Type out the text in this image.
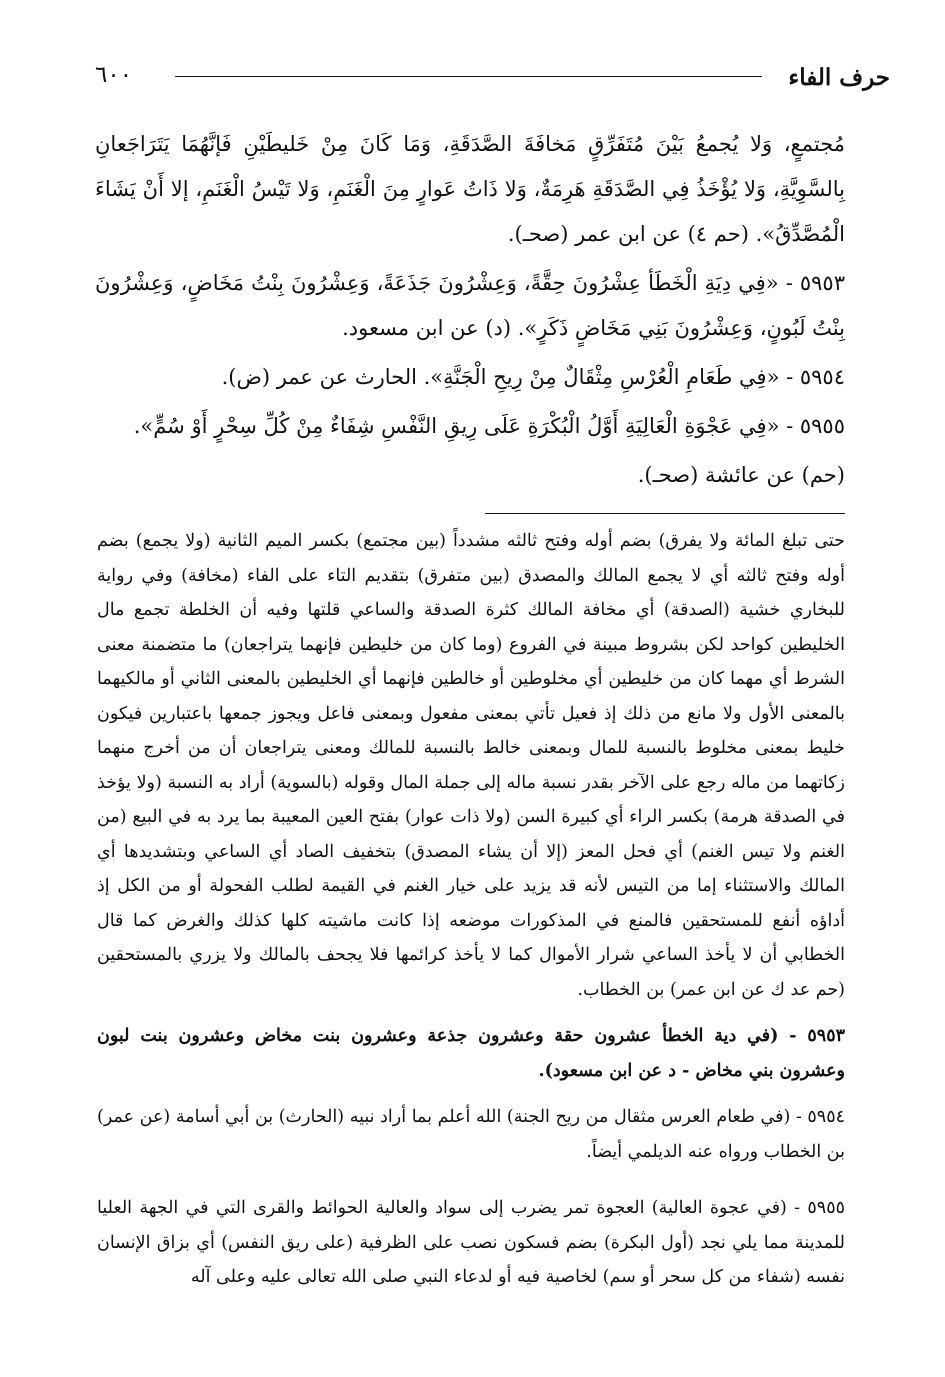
حرف الفاء
٦٠٠

مُجتمعٍ، وَلا يُجمعُ بَيْنَ مُتَفَرِّقٍ مَخافَةَ الصَّدَقَةِ، وَمَا كَانَ مِنْ خَليطَيْنِ فَإنَّهُمَا يَتَرَاجَعانِ بِالسَّوِيَّةِ، وَلا يُؤْخَذُ فِي الصَّدَقَةِ هَرِمَةٌ، وَلا ذَاتُ عَوارٍ مِنَ الْغَنَمِ، وَلا تَيْسُ الْغَنَمِ، إلا أَنْ يَشَاءَ الْمُصَّدِّقُ». (حم ٤) عن ابن عمر (صحـ).

٥٩٥٣ - «فِي دِيَةِ الْخَطَأ عِشْرُونَ حِقَّةً، وَعِشْرُونَ جَذَعَةً، وَعِشْرُونَ بِنْتُ مَخَاضٍ، وَعِشْرُونَ بِنْتُ لَبُونٍ، وَعِشْرُونَ بَنِي مَخَاضٍ ذَكَرٍ». (د) عن ابن مسعود.

٥٩٥٤ - «فِي طَعَامِ الْعُرْسِ مِثْقَالٌ مِنْ رِيحِ الْجَنَّةِ». الحارث عن عمر (ض).

٥٩٥٥ - «فِي عَجْوَةِ الْعَالِيَةِ أَوَّلُ الْبُكْرَةِ عَلَى رِيقِ النَّفْسِ شِفَاءٌ مِنْ كُلِّ سِحْرٍ أَوْ سُمٍّ».

(حم) عن عائشة (صحـ).

حتى تبلغ المائة ولا يفرق) بضم أوله وفتح ثالثه مشدداً (بين مجتمع) بكسر الميم الثانية (ولا يجمع) بضم أوله وفتح ثالثه أي لا يجمع المالك والمصدق (بين متفرق) بتقديم التاء على الفاء (مخافة) وفي رواية للبخاري خشية (الصدقة) أي مخافة المالك كثرة الصدقة والساعي قلتها وفيه أن الخلطة تجمع مال الخليطين كواحد لكن بشروط مبينة في الفروع (وما كان من خليطين فإنهما يتراجعان) ما متضمنة معنى الشرط أي مهما كان من خليطين أي مخلوطين أو خالطين فإنهما أي الخليطين بالمعنى الثاني أو مالكيهما بالمعنى الأول ولا مانع من ذلك إذ فعيل تأتي بمعنى مفعول وبمعنى فاعل ويجوز جمعها باعتبارين فيكون خليط بمعنى مخلوط بالنسبة للمال وبمعنى خالط بالنسبة للمالك ومعنى يتراجعان أن من أخرج منهما زكاتهما من ماله رجع على الآخر بقدر نسبة ماله إلى جملة المال وقوله (بالسوية) أراد به النسبة (ولا يؤخذ في الصدقة هرمة) بكسر الراء أي كبيرة السن (ولا ذات عوار) بفتح العين المعيبة بما يرد به في البيع (من الغنم ولا تيس الغنم) أي فحل المعز (إلا أن يشاء المصدق) بتخفيف الصاد أي الساعي وبتشديدها أي المالك والاستثناء إما من التيس لأنه قد يزيد على خيار الغنم في القيمة لطلب الفحولة أو من الكل إذ أداؤه أنفع للمستحقين فالمنع في المذكورات موضعه إذا كانت ماشيته كلها كذلك والغرض كما قال الخطابي أن لا يأخذ الساعي شرار الأموال كما لا يأخذ كرائمها فلا يجحف بالمالك ولا يزري بالمستحقين (حم عد ك عن ابن عمر) بن الخطاب.

٥٩٥٣ - (في دية الخطأ عشرون حقة وعشرون جذعة وعشرون بنت مخاض وعشرون بنت لبون وعشرون بني مخاض - د عن ابن مسعود).

٥٩٥٤ - (في طعام العرس مثقال من ريح الجنة) الله أعلم بما أراد نبيه (الحارث) بن أبي أسامة (عن عمر) بن الخطاب ورواه عنه الديلمي أيضاً.

٥٩٥٥ - (في عجوة العالية) العجوة تمر يضرب إلى سواد والعالية الحوائط والقرى التي في الجهة العليا للمدينة مما يلي نجد (أول البكرة) بضم فسكون نصب على الظرفية (على ريق النفس) أي بزاق الإنسان نفسه (شفاء من كل سحر أو سم) لخاصية فيه أو لدعاء النبي صلى الله تعالى عليه وعلى آله
